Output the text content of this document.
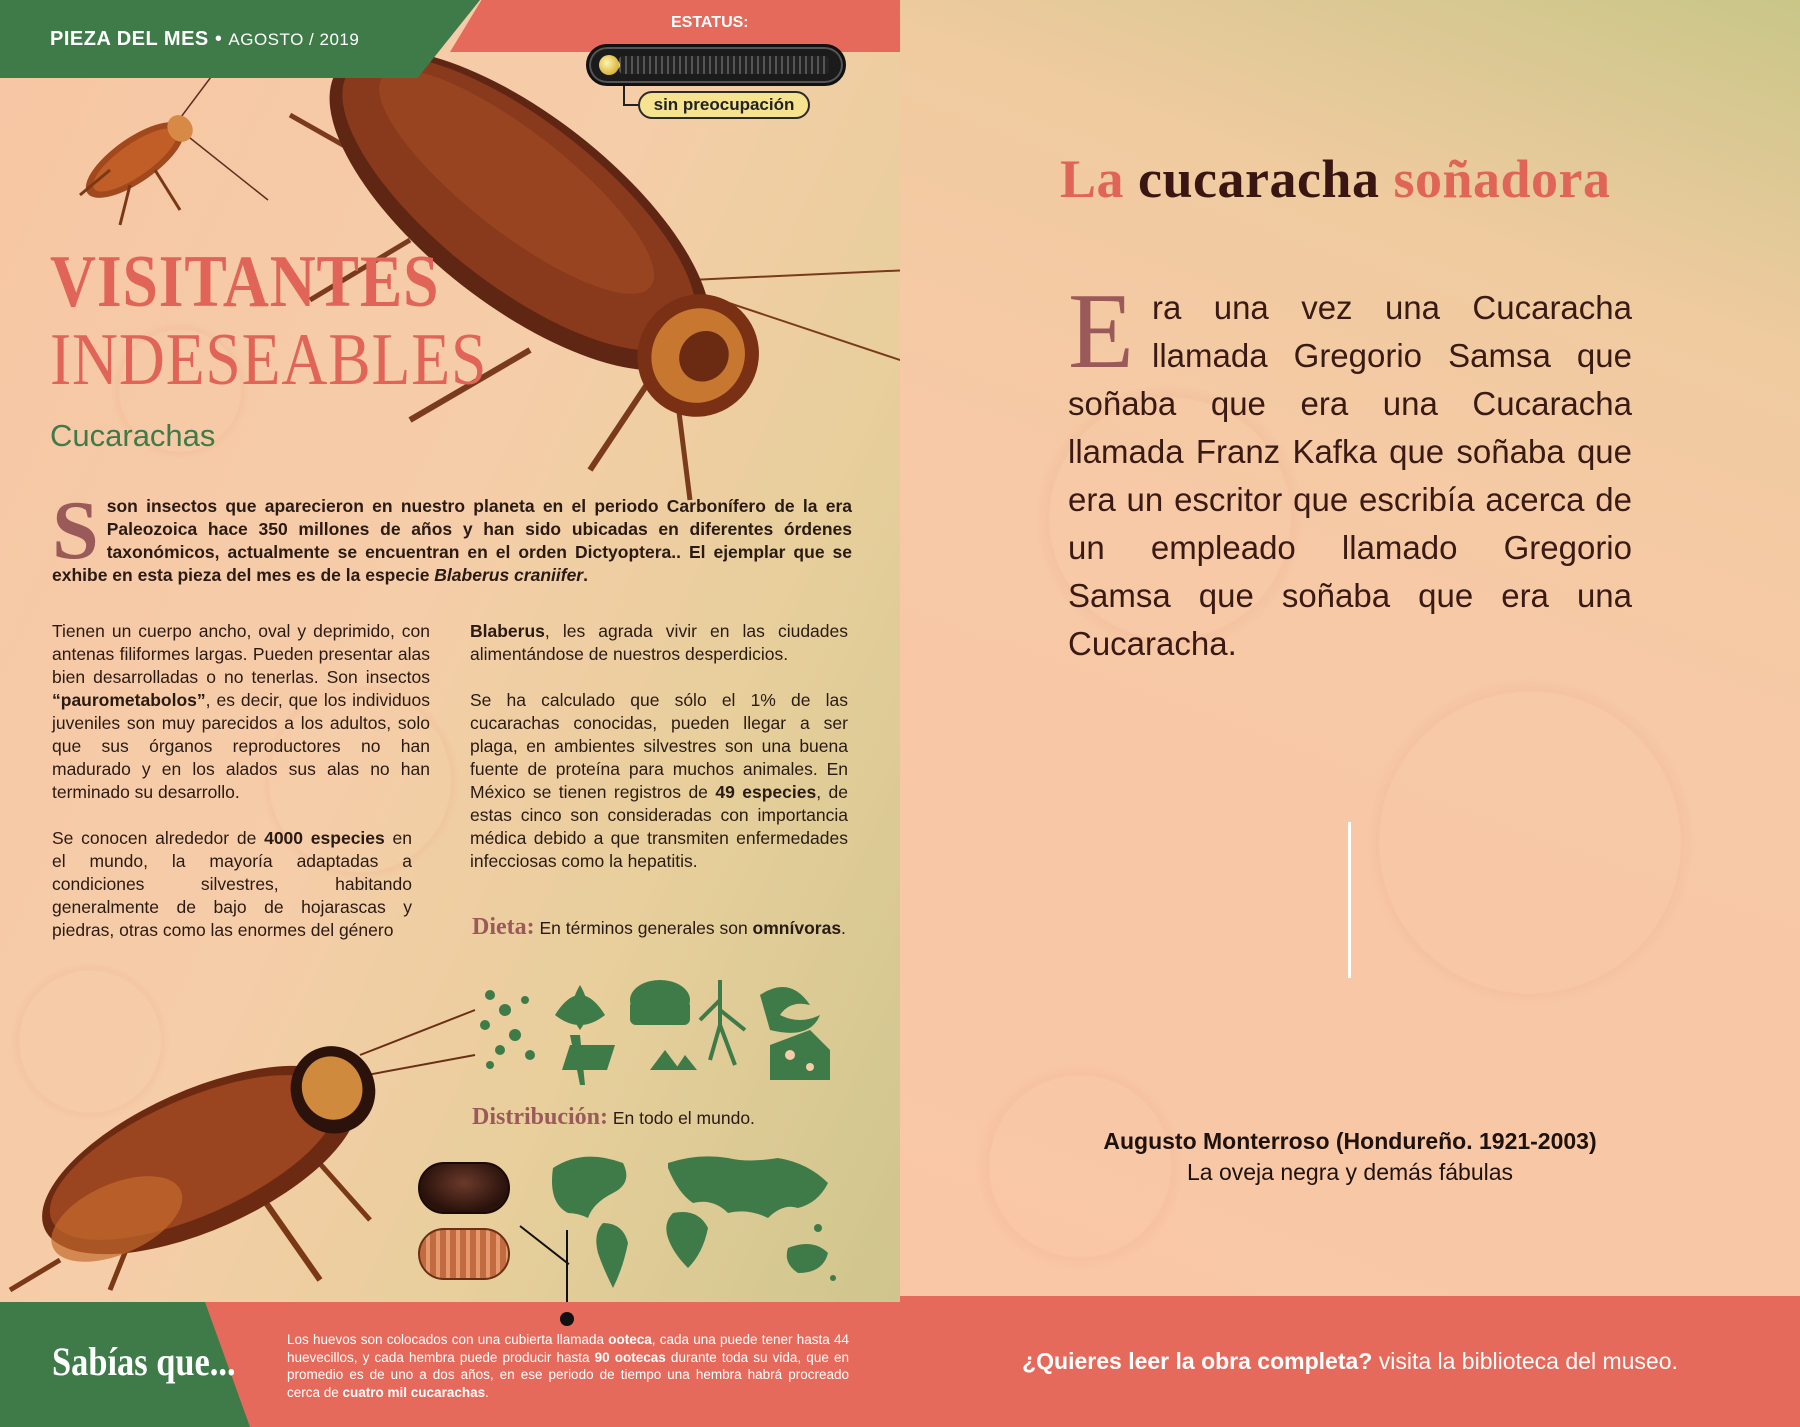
PIEZA DEL MES • AGOSTO / 2019
ESTATUS:
sin preocupación
VISITANTES
INDESEABLES
Cucarachas
Sson insectos que aparecieron en nuestro planeta en el periodo Carbonífero de la era Paleozoica hace 350 millones de años y han sido ubicadas en diferentes órdenes taxonómicos, actualmente se encuentran en el orden Dictyoptera.. El ejemplar que se exhibe en esta pieza del mes es de la especie Blaberus craniifer.

Tienen un cuerpo ancho, oval y deprimido, con antenas filiformes largas. Pueden presentar alas bien desarrolladas o no tenerlas. Son insectos “paurometabolos”, es decir, que los individuos juveniles son muy parecidos a los adultos, solo que sus órganos reproductores no han madurado y en los alados sus alas no han terminado su desarrollo.

Se conocen alrededor de 4000 especies en el mundo, la mayoría adaptadas a condiciones silvestres, habitando generalmente de bajo de hojarascas y piedras, otras como las enormes del género

Blaberus, les agrada vivir en las ciudades alimentándose de nuestros desperdicios.

Se ha calculado que sólo el 1% de las cucarachas conocidas, pueden llegar a ser plaga, en ambientes silvestres son una buena fuente de proteína para muchos animales. En México se tienen registros de 49 especies, de estas cinco son consideradas con importancia médica debido a que transmiten enfermedades infecciosas como la hepatitis.

Dieta: En términos generales son omnívoras.
Distribución: En todo el mundo.
Sabías que...	Los huevos son colocados con una cubierta llamada ooteca, cada una puede tener hasta 44 huevecillos, y cada hembra puede producir hasta 90 ootecas durante toda su vida, que en promedio es de uno a dos años, en ese periodo de tiempo una hembra habrá procreado cerca de cuatro mil cucarachas.
La cucaracha soñadora
Era una vez una Cucaracha llamada Gregorio Samsa que soñaba que era una Cucaracha llamada Franz Kafka que soñaba que era un escritor que escribía acerca de un empleado llamado Gregorio Samsa que soñaba que era una Cucaracha.
Augusto Monterroso (Hondureño. 1921-2003)
La oveja negra y demás fábulas
¿Quieres leer la obra completa? visita la biblioteca del museo.
